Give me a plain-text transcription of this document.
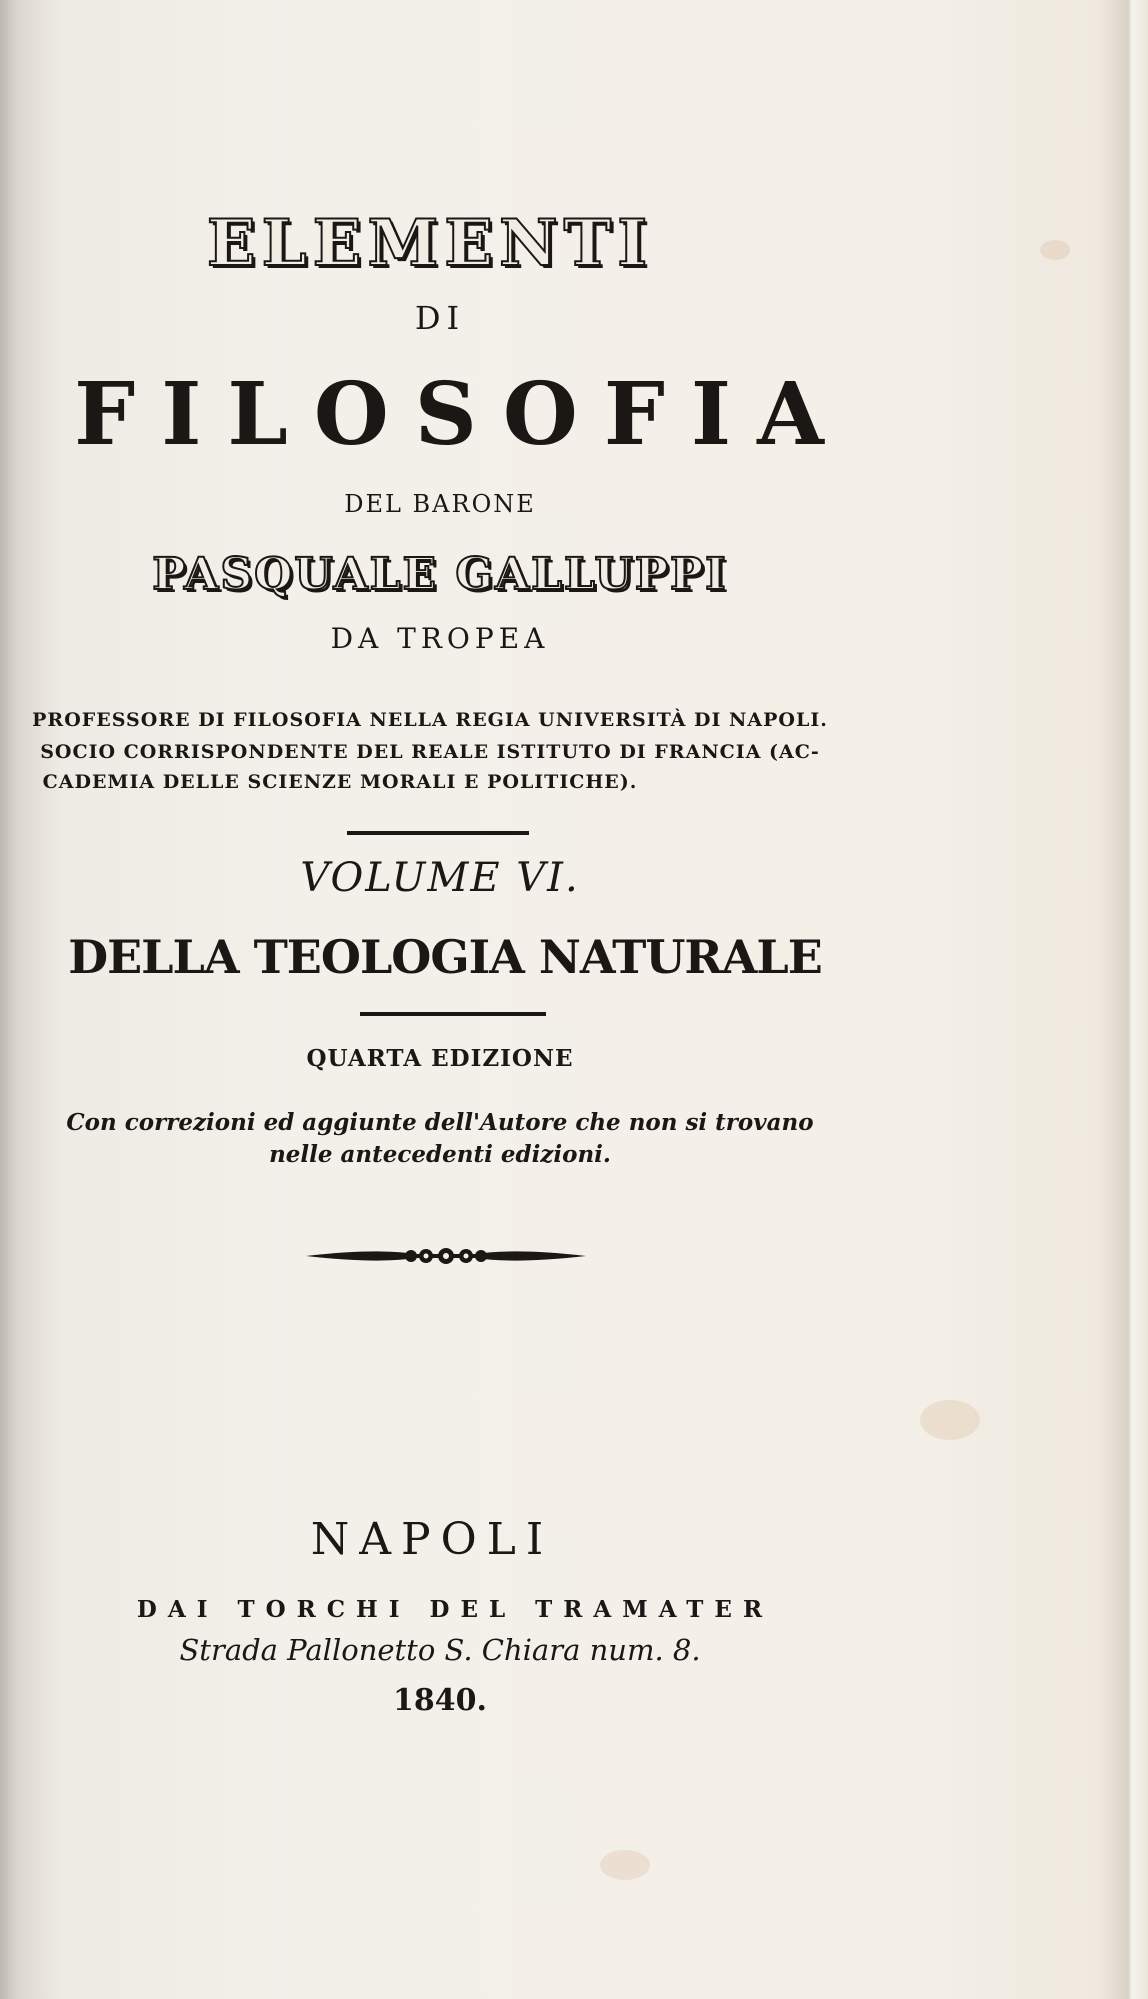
ELEMENTI
DI
FILOSOFIA
DEL BARONE
PASQUALE GALLUPPI
DA TROPEA
PROFESSORE DI FILOSOFIA NELLA REGIA UNIVERSITÀ DI NAPOLI.
SOCIO CORRISPONDENTE DEL REALE ISTITUTO DI FRANCIA (AC-
CADEMIA DELLE SCIENZE MORALI E POLITICHE).
VOLUME VI.
DELLA TEOLOGIA NATURALE
QUARTA EDIZIONE
Con correzioni ed aggiunte dell'Autore che non si trovano
nelle antecedenti edizioni.
NAPOLI
DAI TORCHI DEL TRAMATER
Strada Pallonetto S. Chiara num. 8.
1840.
